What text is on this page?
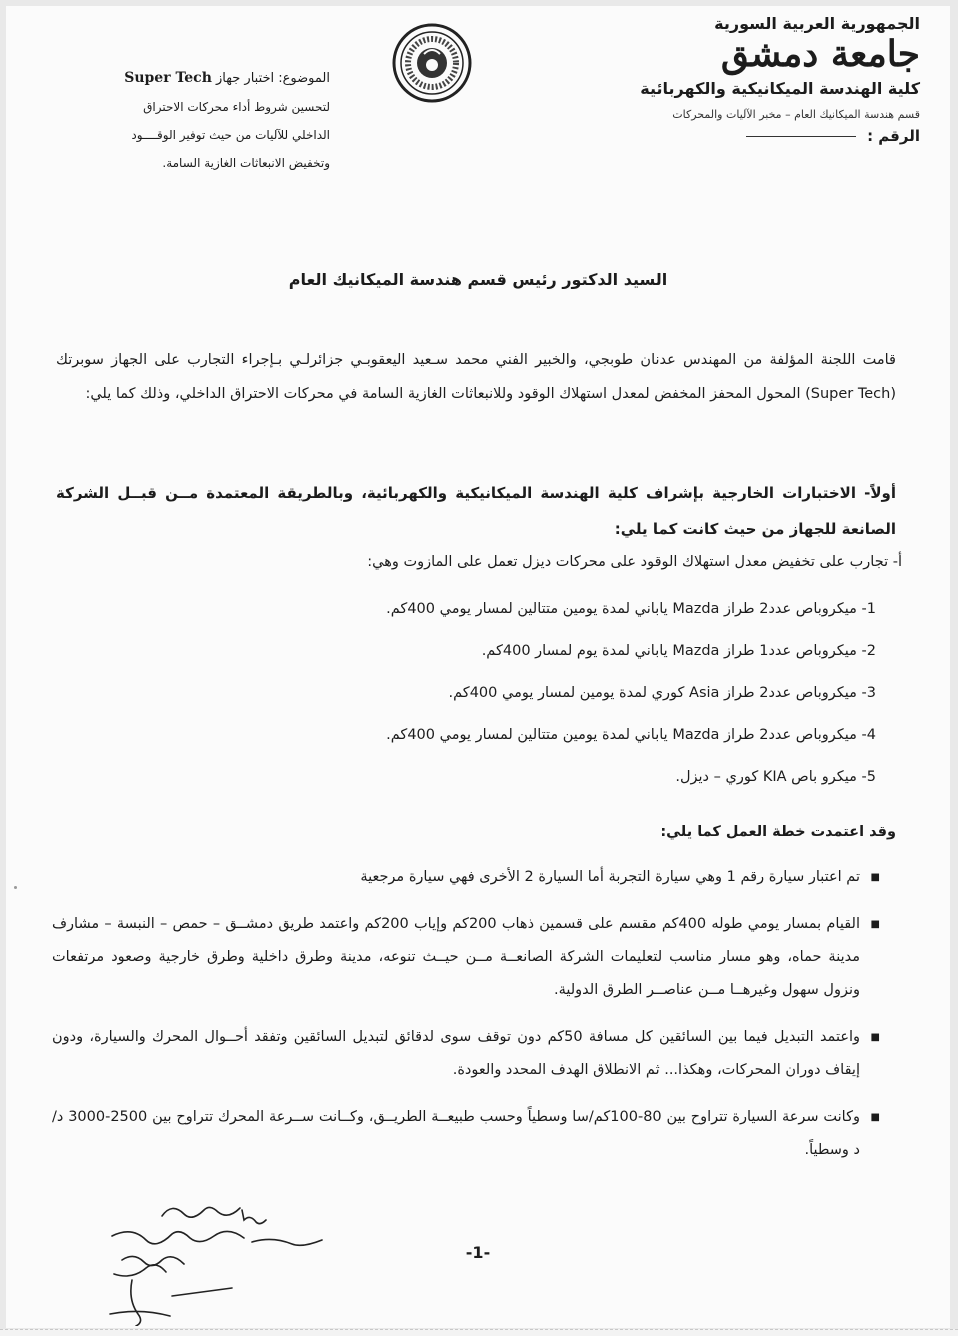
الجمهورية العربية السورية
جامعة دمشق
كلية الهندسة الميكانيكية والكهربائية
قسم هندسة الميكانيك العام – مخبر الآليات والمحركات
الرقم :
الموضوع: اختبار جهاز Super Tech
لتحسين شروط أداء محركات الاحتراق
الداخلي للآليات من حيث توفير الوقــــود
وتخفيض الانبعاثات الغازية السامة.
السيد الدكتور رئيس قسم هندسة الميكانيك العام

قامت اللجنة المؤلفة من المهندس عدنان طوبجي، والخبير الفني محمد سـعيد اليعقوبـي جزائرلـي بـإجراء التجارب على الجهاز سوبرتك (Super Tech) المحول المحفز المخفض لمعدل استهلاك الوقود وللانبعاثات الغازية السامة في محركات الاحتراق الداخلي، وذلك كما يلي:

أولاً- الاختبارات الخارجية بإشراف كلية الهندسة الميكانيكية والكهربائية، وبالطريقة المعتمدة مــن قبــل الشركة الصانعة للجهاز من حيث كانت كما يلي:

أ- تجارب على تخفيض معدل استهلاك الوقود على محركات ديزل تعمل على المازوت وهي:
1- ميكروباص عدد2 طراز Mazda ياباني لمدة يومين متتالين لمسار يومي 400كم.
2- ميكروباص عدد1 طراز Mazda ياباني لمدة يوم لمسار 400كم.
3- ميكروباص عدد2 طراز Asia كوري لمدة يومين لمسار يومي 400كم.
4- ميكروباص عدد2 طراز Mazda ياباني لمدة يومين متتالين لمسار يومي 400كم.
5- ميكرو باص KIA كوري – ديزل.
وقد اعتمدت خطة العمل كما يلي:
■ تم اعتبار سيارة رقم 1 وهي سيارة التجربة أما السيارة 2 الأخرى فهي سيارة مرجعية
■ القيام بمسار يومي طوله 400كم مقسم على قسمين ذهاب 200كم وإياب 200كم واعتمد طريق دمشــق – حمص – النبسة – مشارف مدينة حماه، وهو مسار مناسب لتعليمات الشركة الصانعــة مــن حيــث تنوعه، مدينة وطرق داخلية وطرق خارجية وصعود مرتفعات ونزول سهول وغيرهــا مــن عناصــر الطرق الدولية.
■ واعتمد التبديل فيما بين السائقين كل مسافة 50كم دون توقف سوى لدقائق لتبديل السائقين وتفقد أحــوال المحرك والسيارة، ودون إيقاف دوران المحركات، وهكذا... ثم الانطلاق الهدف المحدد والعودة.
■ وكانت سرعة السيارة تتراوح بين 80-100كم/سا وسطياً وحسب طبيعــة الطريــق، وكــانت ســرعة المحرك تتراوح بين 2500-3000 د/د وسطياً.
-1-
